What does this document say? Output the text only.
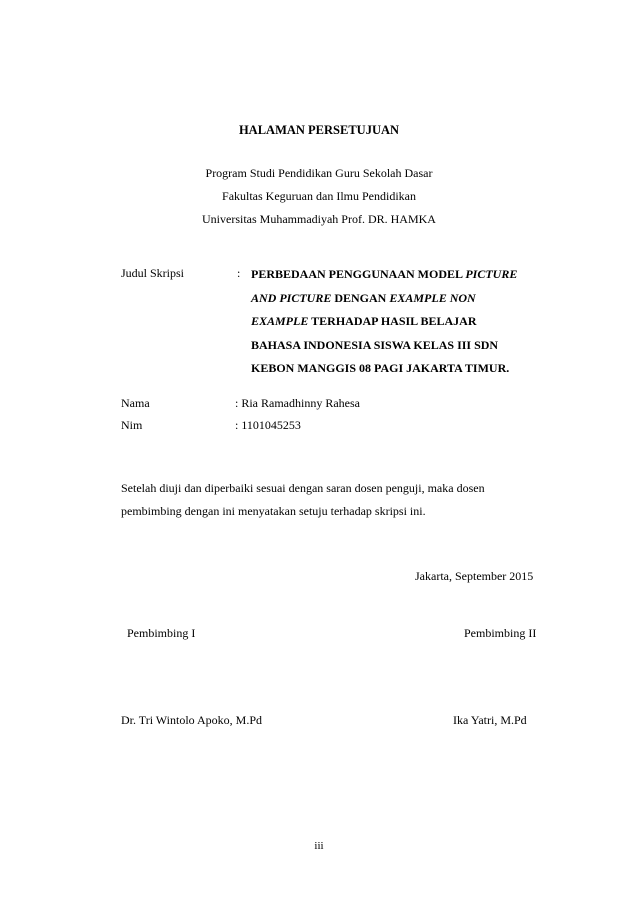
HALAMAN PERSETUJUAN
Program Studi Pendidikan Guru Sekolah Dasar
Fakultas Keguruan dan Ilmu Pendidikan
Universitas Muhammadiyah Prof. DR. HAMKA
Judul Skripsi	: PERBEDAAN PENGGUNAAN MODEL PICTURE
AND PICTURE DENGAN EXAMPLE NON
EXAMPLE TERHADAP HASIL BELAJAR
BAHASA INDONESIA SISWA KELAS III SDN
KEBON MANGGIS 08 PAGI JAKARTA TIMUR.
Nama	: Ria Ramadhinny Rahesa
Nim	: 1101045253
Setelah diuji dan diperbaiki sesuai dengan saran dosen penguji, maka dosen
pembimbing dengan ini menyatakan setuju terhadap skripsi ini.
Jakarta, September 2015
Pembimbing I	Pembimbing II
Dr. Tri Wintolo Apoko, M.Pd	Ika Yatri, M.Pd
iii
